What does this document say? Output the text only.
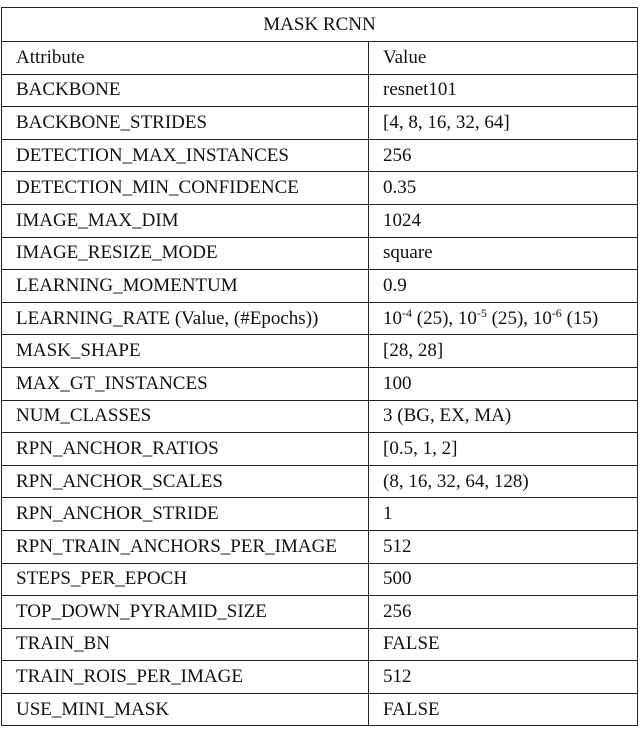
MASK RCNN	
Attribute	Value
BACKBONE	resnet101
BACKBONE_STRIDES	[4, 8, 16, 32, 64]
DETECTION_MAX_INSTANCES	256
DETECTION_MIN_CONFIDENCE	0.35
IMAGE_MAX_DIM	1024
IMAGE_RESIZE_MODE	square
LEARNING_MOMENTUM	0.9
LEARNING_RATE (Value, (#Epochs))	$10^{-4}$ (25), $10^{-5}$ (25), $10^{-6}$ (15)
MASK_SHAPE	[28, 28]
MAX_GT_INSTANCES	100
NUM_CLASSES	3 (BG, EX, MA)
RPN_ANCHOR_RATIOS	[0.5, 1, 2]
RPN_ANCHOR_SCALES	(8, 16, 32, 64, 128)
RPN_ANCHOR_STRIDE	1
RPN_TRAIN_ANCHORS_PER_IMAGE	512
STEPS_PER_EPOCH	500
TOP_DOWN_PYRAMID_SIZE	256
TRAIN_BN	FALSE
TRAIN_ROIS_PER_IMAGE	512
USE_MINI_MASK	FALSE
